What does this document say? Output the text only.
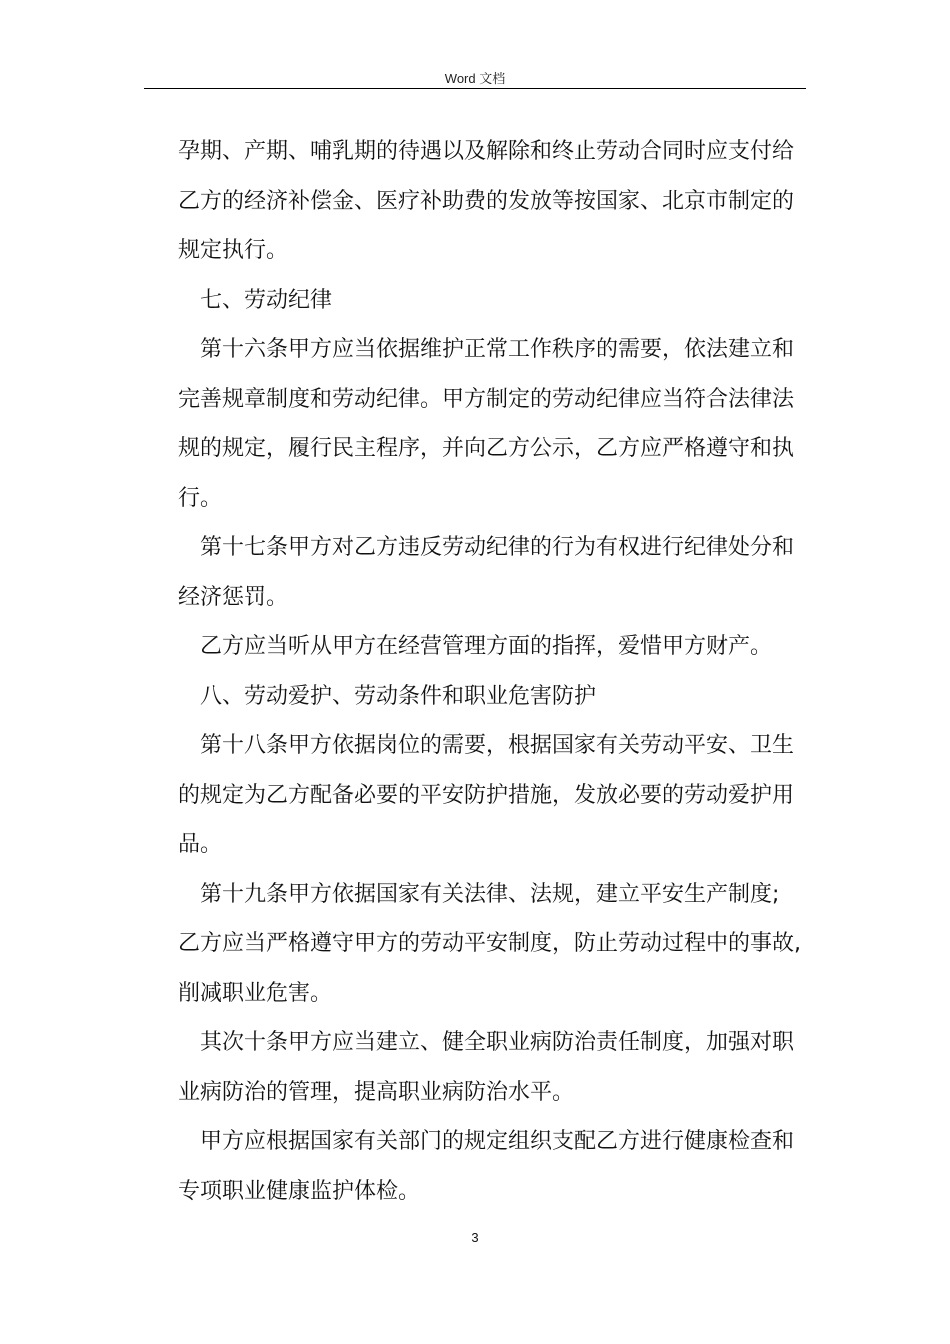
Word 文档
孕期、产期、哺乳期的待遇以及解除和终止劳动合同时应支付给
乙方的经济补偿金、医疗补助费的发放等按国家、北京市制定的
规定执行。
七、劳动纪律
第十六条甲方应当依据维护正常工作秩序的需要，依法建立和
完善规章制度和劳动纪律。甲方制定的劳动纪律应当符合法律法
规的规定，履行民主程序，并向乙方公示，乙方应严格遵守和执
行。
第十七条甲方对乙方违反劳动纪律的行为有权进行纪律处分和
经济惩罚。
乙方应当听从甲方在经营管理方面的指挥，爱惜甲方财产。
八、劳动爱护、劳动条件和职业危害防护
第十八条甲方依据岗位的需要，根据国家有关劳动平安、卫生
的规定为乙方配备必要的平安防护措施，发放必要的劳动爱护用
品。
第十九条甲方依据国家有关法律、法规，建立平安生产制度;
乙方应当严格遵守甲方的劳动平安制度，防止劳动过程中的事故,
削减职业危害。
其次十条甲方应当建立、健全职业病防治责任制度，加强对职
业病防治的管理，提高职业病防治水平。
甲方应根据国家有关部门的规定组织支配乙方进行健康检查和
专项职业健康监护体检。
3
